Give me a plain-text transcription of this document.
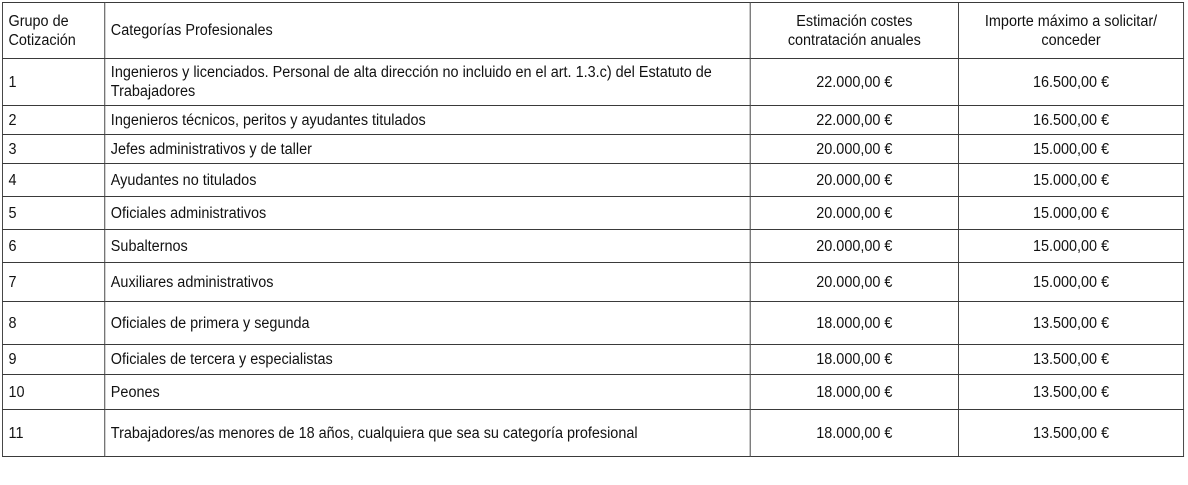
Grupo de Cotización	Categorías Profesionales	Estimación costes contratación anuales	Importe máximo a solicitar/ conceder
1	Ingenieros y licenciados. Personal de alta dirección no incluido en el art. 1.3.c) del Estatuto de Trabajadores	22.000,00 €	16.500,00 €
2	Ingenieros técnicos, peritos y ayudantes titulados	22.000,00 €	16.500,00 €
3	Jefes administrativos y de taller	20.000,00 €	15.000,00 €
4	Ayudantes no titulados	20.000,00 €	15.000,00 €
5	Oficiales administrativos	20.000,00 €	15.000,00 €
6	Subalternos	20.000,00 €	15.000,00 €
7	Auxiliares administrativos	20.000,00 €	15.000,00 €
8	Oficiales de primera y segunda	18.000,00 €	13.500,00 €
9	Oficiales de tercera y especialistas	18.000,00 €	13.500,00 €
10	Peones	18.000,00 €	13.500,00 €
11	Trabajadores/as menores de 18 años, cualquiera que sea su categoría profesional	18.000,00 €	13.500,00 €
